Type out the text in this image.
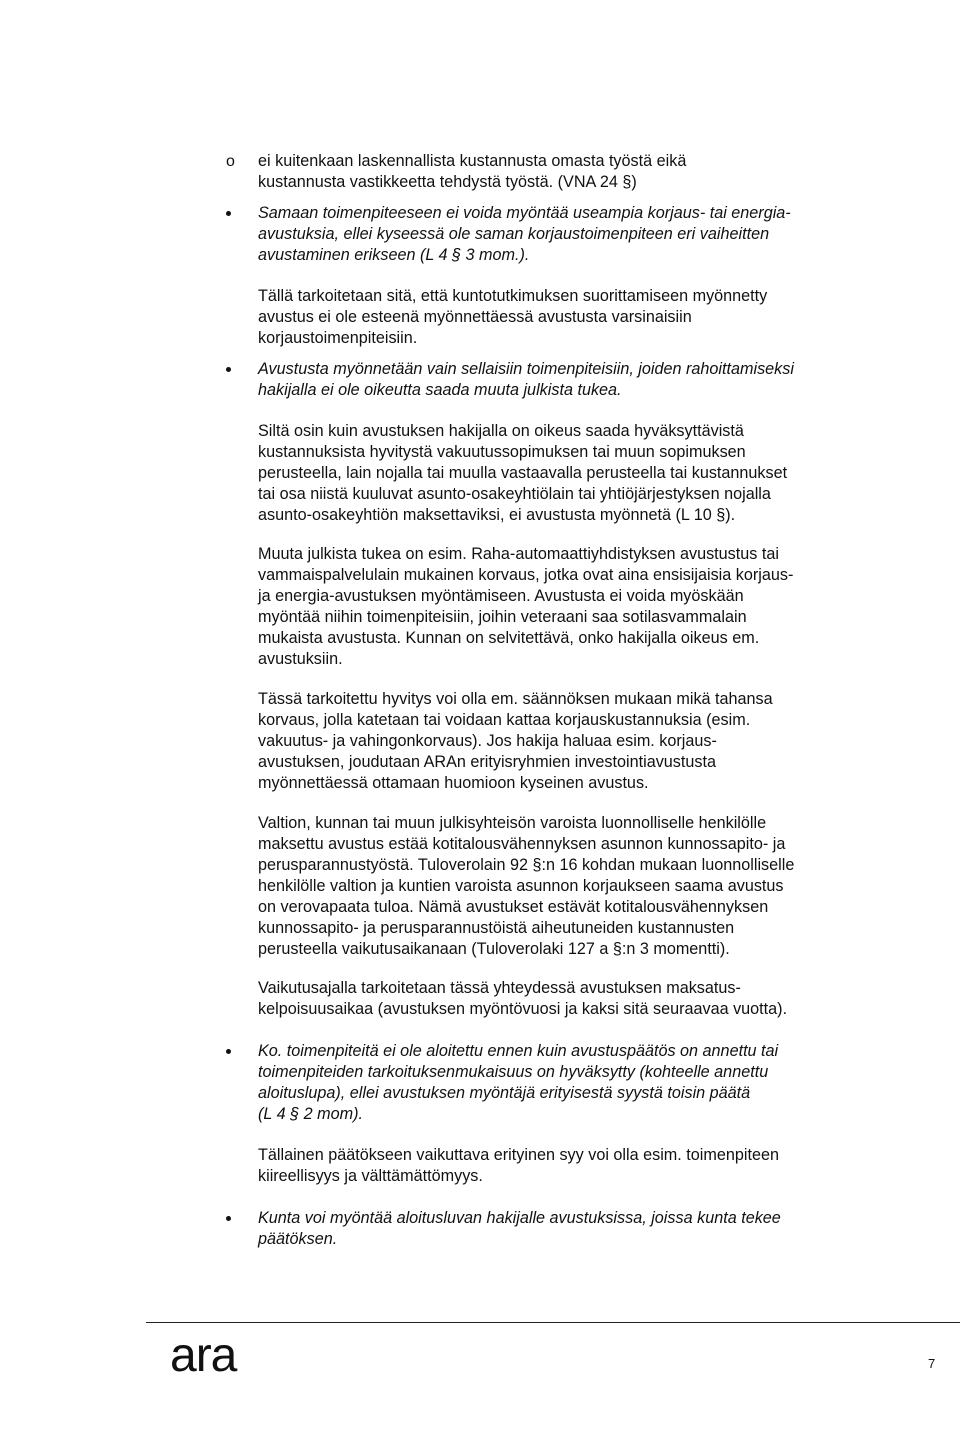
o ei kuitenkaan laskennallista kustannusta omasta työstä eikä
kustannusta vastikkeetta tehdystä työstä. (VNA 24 §)
Samaan toimenpiteeseen ei voida myöntää useampia korjaus- tai energia-
avustuksia, ellei kyseessä ole saman korjaustoimenpiteen eri vaiheitten
avustaminen erikseen (L 4 § 3 mom.).
Tällä tarkoitetaan sitä, että kuntotutkimuksen suorittamiseen myönnetty
avustus ei ole esteenä myönnettäessä avustusta varsinaisiin
korjaustoimenpiteisiin.
Avustusta myönnetään vain sellaisiin toimenpiteisiin, joiden rahoittamiseksi
hakijalla ei ole oikeutta saada muuta julkista tukea.
Siltä osin kuin avustuksen hakijalla on oikeus saada hyväksyttävistä
kustannuksista hyvitystä vakuutussopimuksen tai muun sopimuksen
perusteella, lain nojalla tai muulla vastaavalla perusteella tai kustannukset
tai osa niistä kuuluvat asunto-osakeyhtiölain tai yhtiöjärjestyksen nojalla
asunto-osakeyhtiön maksettaviksi, ei avustusta myönnetä (L 10 §).
Muuta julkista tukea on esim. Raha-automaattiyhdistyksen avustustus tai
vammaispalvelulain mukainen korvaus, jotka ovat aina ensisijaisia korjaus-
ja energia-avustuksen myöntämiseen. Avustusta ei voida myöskään
myöntää niihin toimenpiteisiin, joihin veteraani saa sotilasvammalain
mukaista avustusta. Kunnan on selvitettävä, onko hakijalla oikeus em.
avustuksiin.
Tässä tarkoitettu hyvitys voi olla em. säännöksen mukaan mikä tahansa
korvaus, jolla katetaan tai voidaan kattaa korjauskustannuksia (esim.
vakuutus- ja vahingonkorvaus). Jos hakija haluaa esim. korjaus-
avustuksen, joudutaan ARAn erityisryhmien investointiavustusta
myönnettäessä ottamaan huomioon kyseinen avustus.
Valtion, kunnan tai muun julkisyhteisön varoista luonnolliselle henkilölle
maksettu avustus estää kotitalousvähennyksen asunnon kunnossapito- ja
perusparannustyöstä. Tuloverolain 92 §:n 16 kohdan mukaan luonnolliselle
henkilölle valtion ja kuntien varoista asunnon korjaukseen saama avustus
on verovapaata tuloa. Nämä avustukset estävät kotitalousvähennyksen
kunnossapito- ja perusparannustöistä aiheutuneiden kustannusten
perusteella vaikutusaikanaan (Tuloverolaki 127 a §:n 3 momentti).
Vaikutusajalla tarkoitetaan tässä yhteydessä avustuksen maksatus-
kelpoisuusaikaa (avustuksen myöntövuosi ja kaksi sitä seuraavaa vuotta).
Ko. toimenpiteitä ei ole aloitettu ennen kuin avustuspäätös on annettu tai
toimenpiteiden tarkoituksenmukaisuus on hyväksytty (kohteelle annettu
aloituslupa), ellei avustuksen myöntäjä erityisestä syystä toisin päätä
(L 4 § 2 mom).
Tällainen päätökseen vaikuttava erityinen syy voi olla esim. toimenpiteen
kiireellisyys ja välttämättömyys.
Kunta voi myöntää aloitusluvan hakijalle avustuksissa, joissa kunta tekee
päätöksen.
ara	7
